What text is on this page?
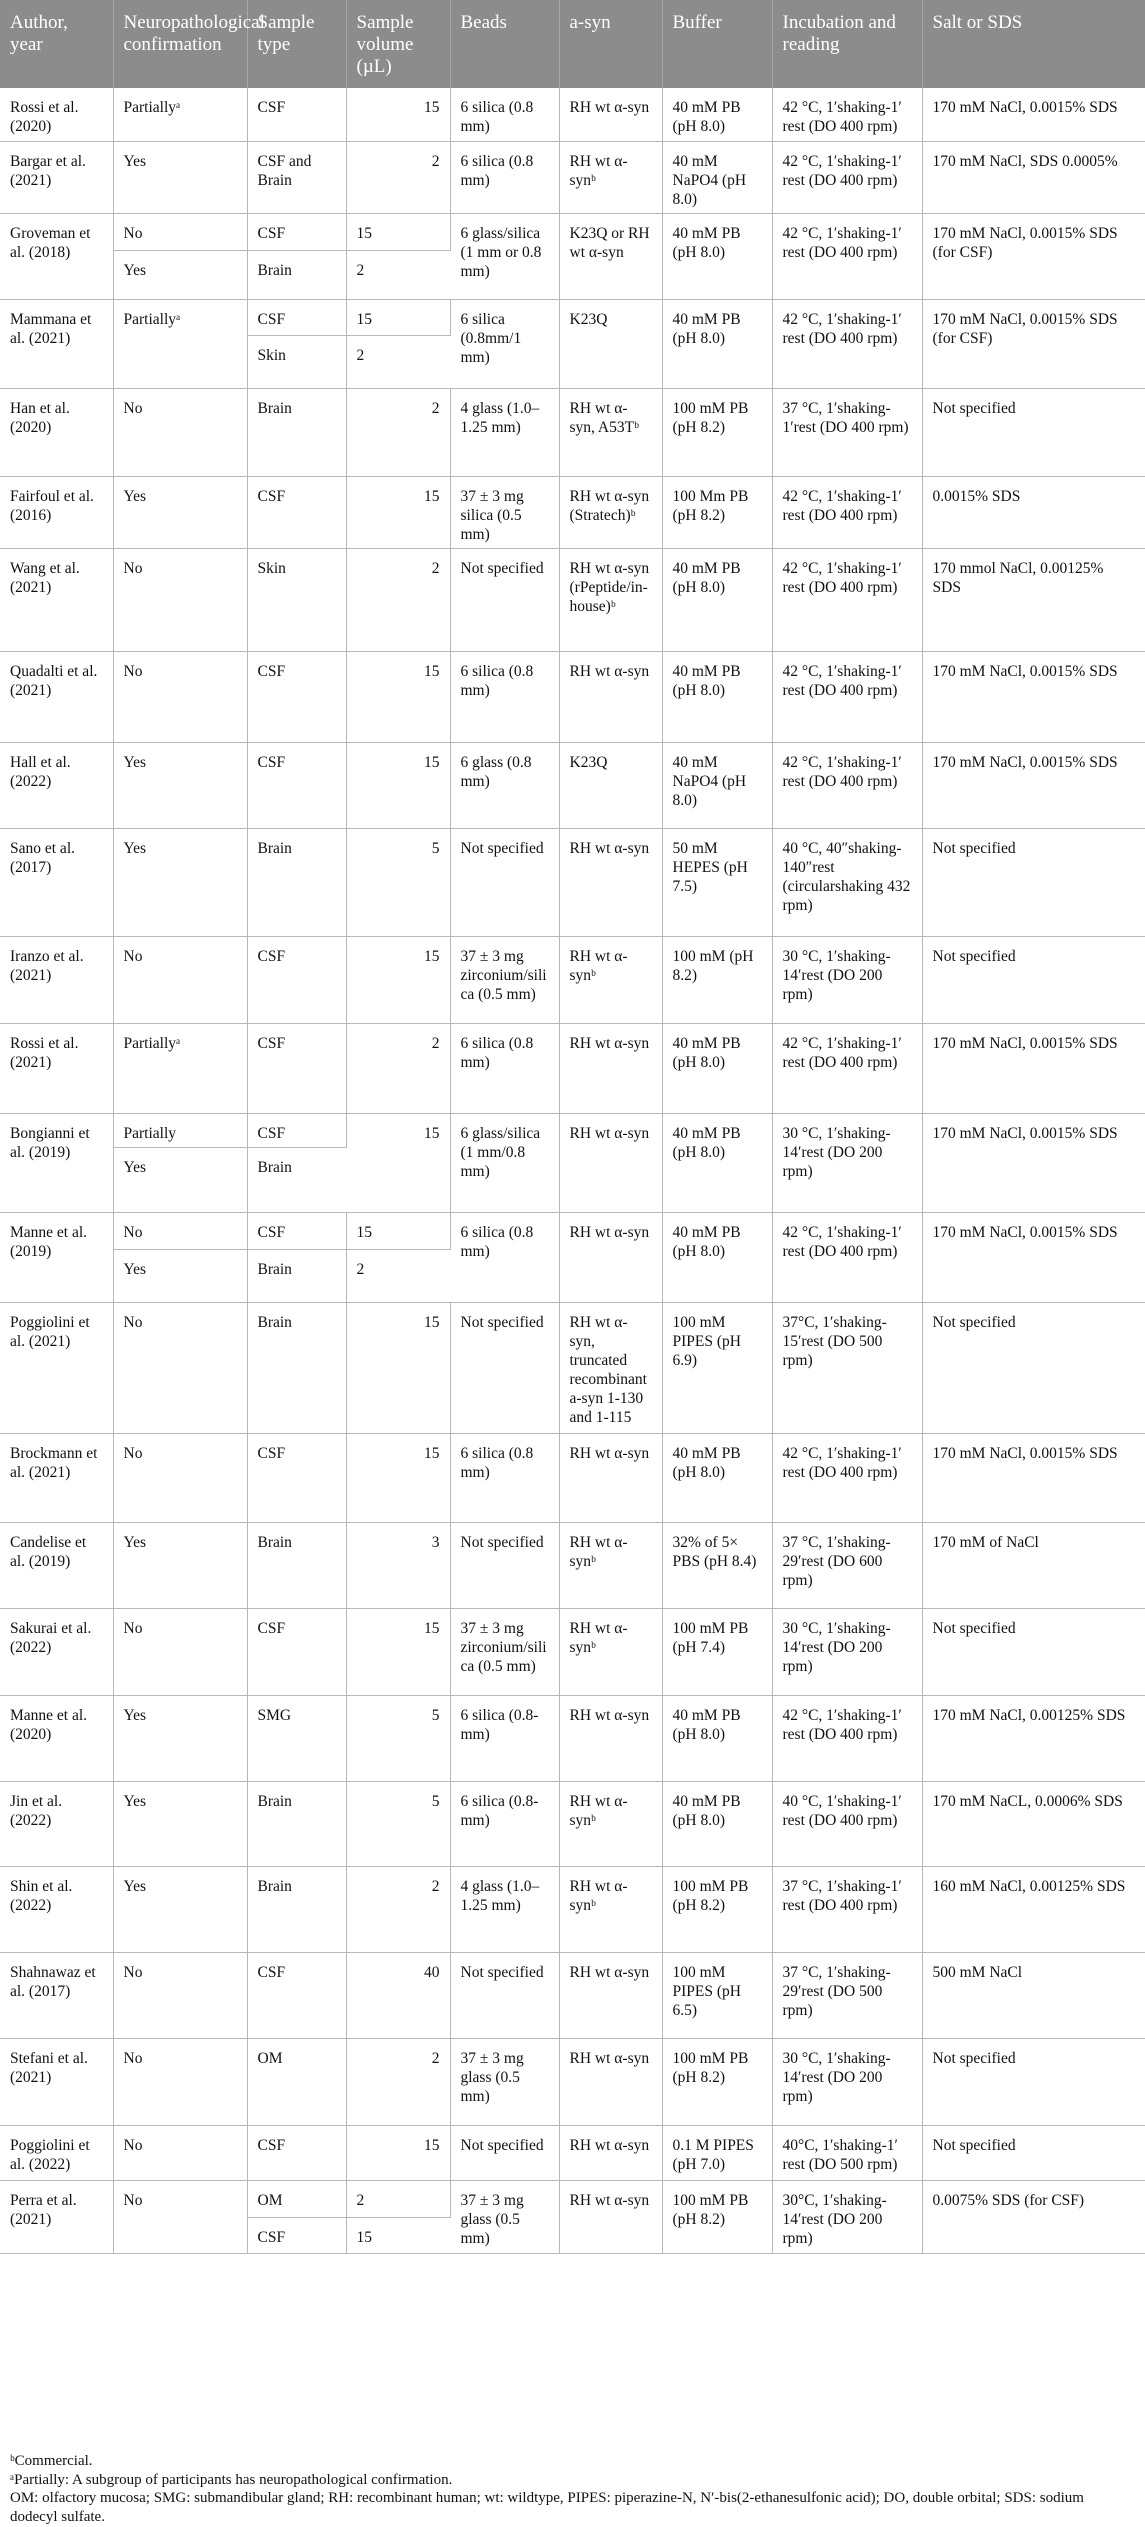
Author, year	Neuropathological confirmation	Sample type	Sample volume (µL)	Beads	a-syn	Buffer	Incubation and reading	Salt or SDS
Rossi et al. (2020)	Partiallyᵃ	CSF	15	6 silica (0.8 mm)	RH wt α-syn	40 mM PB (pH 8.0)	42 °C, 1′shaking-1′ rest (DO 400 rpm)	170 mM NaCl, 0.0015% SDS
Bargar et al. (2021)	Yes	CSF and Brain	2	6 silica (0.8 mm)	RH wt α-synᵇ	40 mM NaPO4 (pH 8.0)	42 °C, 1′shaking-1′ rest (DO 400 rpm)	170 mM NaCl, SDS 0.0005%
Groveman et al. (2018)	No	CSF	15	6 glass/silica (1 mm or 0.8 mm)	K23Q or RH wt α-syn	40 mM PB (pH 8.0)	42 °C, 1′shaking-1′ rest (DO 400 rpm)	170 mM NaCl, 0.0015% SDS (for CSF)
	Yes	Brain	2					
Mammana et al. (2021)	Partiallyᵃ	CSF	15	6 silica (0.8mm/1 mm)	K23Q	40 mM PB (pH 8.0)	42 °C, 1′shaking-1′ rest (DO 400 rpm)	170 mM NaCl, 0.0015% SDS (for CSF)
		Skin	2					
Han et al. (2020)	No	Brain	2	4 glass (1.0–1.25 mm)	RH wt α-syn, A53Tᵇ	100 mM PB (pH 8.2)	37 °C, 1′shaking-1′rest (DO 400 rpm)	Not specified
Fairfoul et al. (2016)	Yes	CSF	15	37 ± 3 mg silica (0.5 mm)	RH wt α-syn (Stratech)ᵇ	100 Mm PB (pH 8.2)	42 °C, 1′shaking-1′ rest (DO 400 rpm)	0.0015% SDS
Wang et al. (2021)	No	Skin	2	Not specified	RH wt α-syn (rPeptide/in-house)ᵇ	40 mM PB (pH 8.0)	42 °C, 1′shaking-1′ rest (DO 400 rpm)	170 mmol NaCl, 0.00125% SDS
Quadalti et al. (2021)	No	CSF	15	6 silica (0.8 mm)	RH wt α-syn	40 mM PB (pH 8.0)	42 °C, 1′shaking-1′ rest (DO 400 rpm)	170 mM NaCl, 0.0015% SDS
Hall et al. (2022)	Yes	CSF	15	6 glass (0.8 mm)	K23Q	40 mM NaPO4 (pH 8.0)	42 °C, 1′shaking-1′ rest (DO 400 rpm)	170 mM NaCl, 0.0015% SDS
Sano et al. (2017)	Yes	Brain	5	Not specified	RH wt α-syn	50 mM HEPES (pH 7.5)	40 °C, 40″shaking-140″rest (circularshaking 432 rpm)	Not specified
Iranzo et al. (2021)	No	CSF	15	37 ± 3 mg zirconium/silica (0.5 mm)	RH wt α-synᵇ	100 mM (pH 8.2)	30 °C, 1′shaking-14′rest (DO 200 rpm)	Not specified
Rossi et al. (2021)	Partiallyᵃ	CSF	2	6 silica (0.8 mm)	RH wt α-syn	40 mM PB (pH 8.0)	42 °C, 1′shaking-1′ rest (DO 400 rpm)	170 mM NaCl, 0.0015% SDS
Bongianni et al. (2019)	Partially	CSF	15	6 glass/silica (1 mm/0.8 mm)	RH wt α-syn	40 mM PB (pH 8.0)	30 °C, 1′shaking-14′rest (DO 200 rpm)	170 mM NaCl, 0.0015% SDS
	Yes	Brain						
Manne et al. (2019)	No	CSF	15	6 silica (0.8 mm)	RH wt α-syn	40 mM PB (pH 8.0)	42 °C, 1′shaking-1′ rest (DO 400 rpm)	170 mM NaCl, 0.0015% SDS
	Yes	Brain	2					
Poggiolini et al. (2021)	No	Brain	15	Not specified	RH wt α-syn, truncated recombinant a-syn 1-130 and 1-115	100 mM PIPES (pH 6.9)	37°C, 1′shaking-15′rest (DO 500 rpm)	Not specified
Brockmann et al. (2021)	No	CSF	15	6 silica (0.8 mm)	RH wt α-syn	40 mM PB (pH 8.0)	42 °C, 1′shaking-1′ rest (DO 400 rpm)	170 mM NaCl, 0.0015% SDS
Candelise et al. (2019)	Yes	Brain	3	Not specified	RH wt α-synᵇ	32% of 5× PBS (pH 8.4)	37 °C, 1′shaking-29′rest (DO 600 rpm)	170 mM of NaCl
Sakurai et al. (2022)	No	CSF	15	37 ± 3 mg zirconium/silica (0.5 mm)	RH wt α-synᵇ	100 mM PB (pH 7.4)	30 °C, 1′shaking-14′rest (DO 200 rpm)	Not specified
Manne et al. (2020)	Yes	SMG	5	6 silica (0.8-mm)	RH wt α-syn	40 mM PB (pH 8.0)	42 °C, 1′shaking-1′ rest (DO 400 rpm)	170 mM NaCl, 0.00125% SDS
Jin et al. (2022)	Yes	Brain	5	6 silica (0.8-mm)	RH wt α-synᵇ	40 mM PB (pH 8.0)	40 °C, 1′shaking-1′ rest (DO 400 rpm)	170 mM NaCL, 0.0006% SDS
Shin et al. (2022)	Yes	Brain	2	4 glass (1.0–1.25 mm)	RH wt α-synᵇ	100 mM PB (pH 8.2)	37 °C, 1′shaking-1′ rest (DO 400 rpm)	160 mM NaCl, 0.00125% SDS
Shahnawaz et al. (2017)	No	CSF	40	Not specified	RH wt α-syn	100 mM PIPES (pH 6.5)	37 °C, 1′shaking-29′rest (DO 500 rpm)	500 mM NaCl
Stefani et al. (2021)	No	OM	2	37 ± 3 mg glass (0.5 mm)	RH wt α-syn	100 mM PB (pH 8.2)	30 °C, 1′shaking-14′rest (DO 200 rpm)	Not specified
Poggiolini et al. (2022)	No	CSF	15	Not specified	RH wt α-syn	0.1 M PIPES (pH 7.0)	40°C, 1′shaking-1′ rest (DO 500 rpm)	Not specified
Perra et al. (2021)	No	OM	2	37 ± 3 mg glass (0.5 mm)	RH wt α-syn	100 mM PB (pH 8.2)	30°C, 1′shaking-14′rest (DO 200 rpm)	0.0075% SDS (for CSF)
		CSF	15					
ᵇCommercial.
ᵃPartially: A subgroup of participants has neuropathological confirmation.
OM: olfactory mucosa; SMG: submandibular gland; RH: recombinant human; wt: wildtype, PIPES: piperazine-N, N′-bis(2-ethanesulfonic acid); DO, double orbital; SDS: sodium dodecyl sulfate.
